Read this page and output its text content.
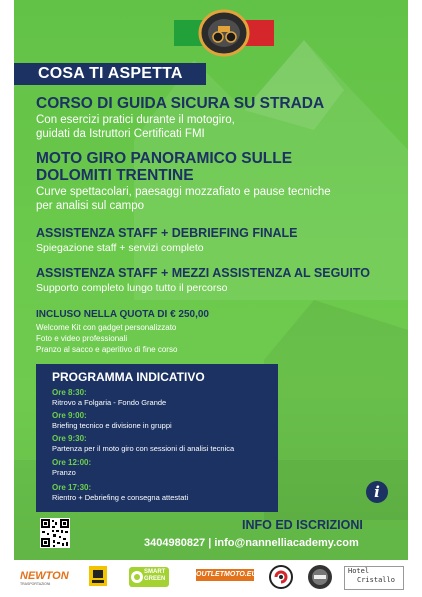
COSA TI ASPETTA
CORSO DI GUIDA SICURA SU STRADA
Con esercizi pratici durante il motogiro,
guidati da Istruttori Certificati FMI
MOTO GIRO PANORAMICO SULLE
DOLOMITI TRENTINE
Curve spettacolari, paesaggi mozzafiato e pause tecniche
per analisi sul campo
ASSISTENZA STAFF + DEBRIEFING FINALE
Spiegazione staff + servizi completo
ASSISTENZA STAFF + MEZZI ASSISTENZA AL SEGUITO
Supporto completo lungo tutto il percorso
INCLUSO NELLA QUOTA DI € 250,00
Welcome Kit con gadget personalizzato
Foto e video professionali
Pranzo al sacco e aperitivo di fine corso
PROGRAMMA INDICATIVO
Ore 8:30:
Ritrovo a Folgaria - Fondo Grande
Ore 9:00:
Briefing tecnico e divisione in gruppi
Ore 9:30:
Partenza per il moto giro con sessioni di analisi tecnica
Ore 12:00:
Pranzo
Ore 17:30:
Rientro + Debriefing e consegna attestati	i
INFO ED ISCRIZIONI
3404980827 | info@nannelliacademy.com
NEWTON
TRASPORTAZIONI
SMART
GREEN
OUTLETMOTO.EU	Hotel
Cristallo
